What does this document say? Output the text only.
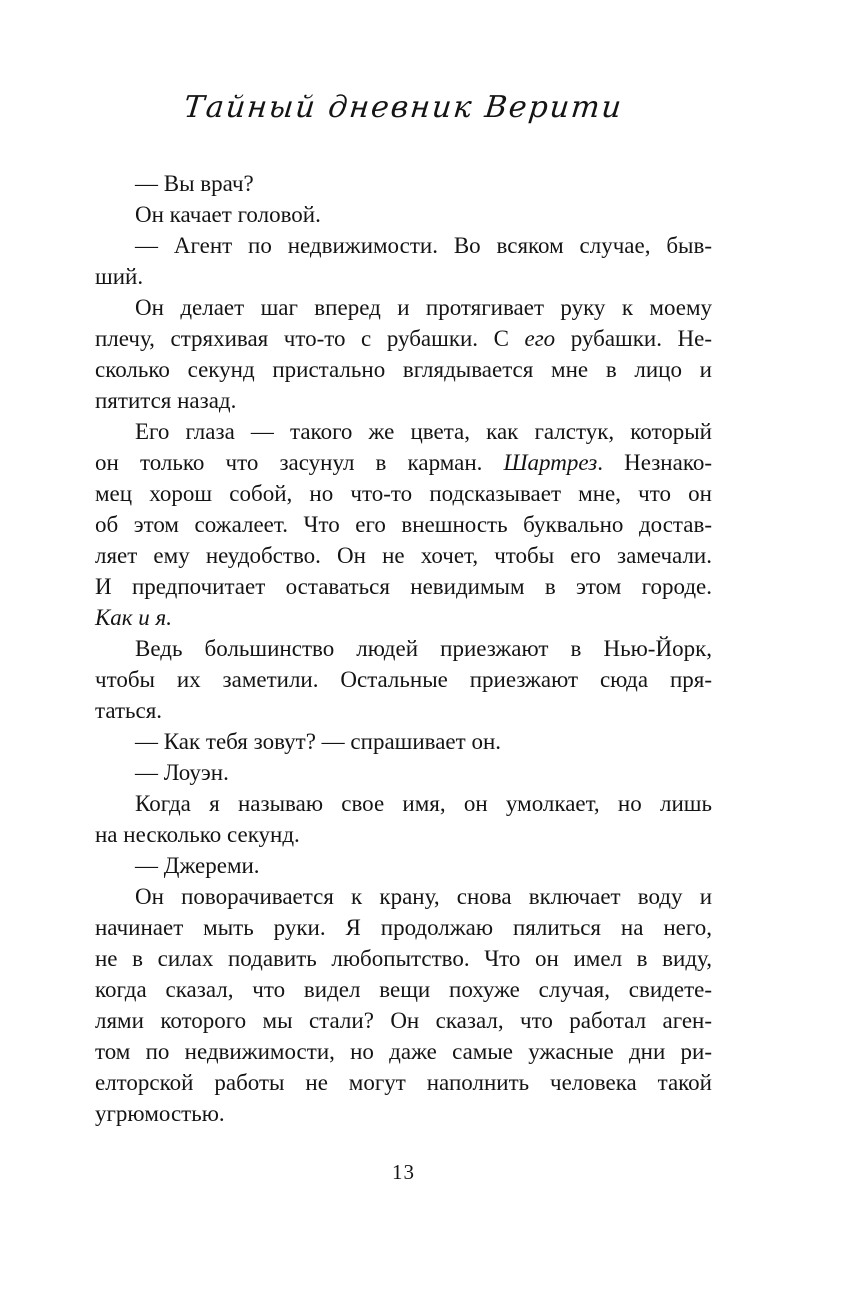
Тайный дневник Верити
— Вы врач?
Он качает головой.
— Агент по недвижимости. Во всяком случае, быв-
ший.
Он делает шаг вперед и протягивает руку к моему
плечу, стряхивая что-то с рубашки. С его рубашки. Не-
сколько секунд пристально вглядывается мне в лицо и
пятится назад.
Его глаза — такого же цвета, как галстук, который
он только что засунул в карман. Шартрез. Незнако-
мец хорош собой, но что-то подсказывает мне, что он
об этом сожалеет. Что его внешность буквально достав-
ляет ему неудобство. Он не хочет, чтобы его замечали.
И предпочитает оставаться невидимым в этом городе.
Как и я.
Ведь большинство людей приезжают в Нью-Йорк,
чтобы их заметили. Остальные приезжают сюда пря-
таться.
— Как тебя зовут? — спрашивает он.
— Лоуэн.
Когда я называю свое имя, он умолкает, но лишь
на несколько секунд.
— Джереми.
Он поворачивается к крану, снова включает воду и
начинает мыть руки. Я продолжаю пялиться на него,
не в силах подавить любопытство. Что он имел в виду,
когда сказал, что видел вещи похуже случая, свидете-
лями которого мы стали? Он сказал, что работал аген-
том по недвижимости, но даже самые ужасные дни ри-
елторской работы не могут наполнить человека такой
угрюмостью.
13
